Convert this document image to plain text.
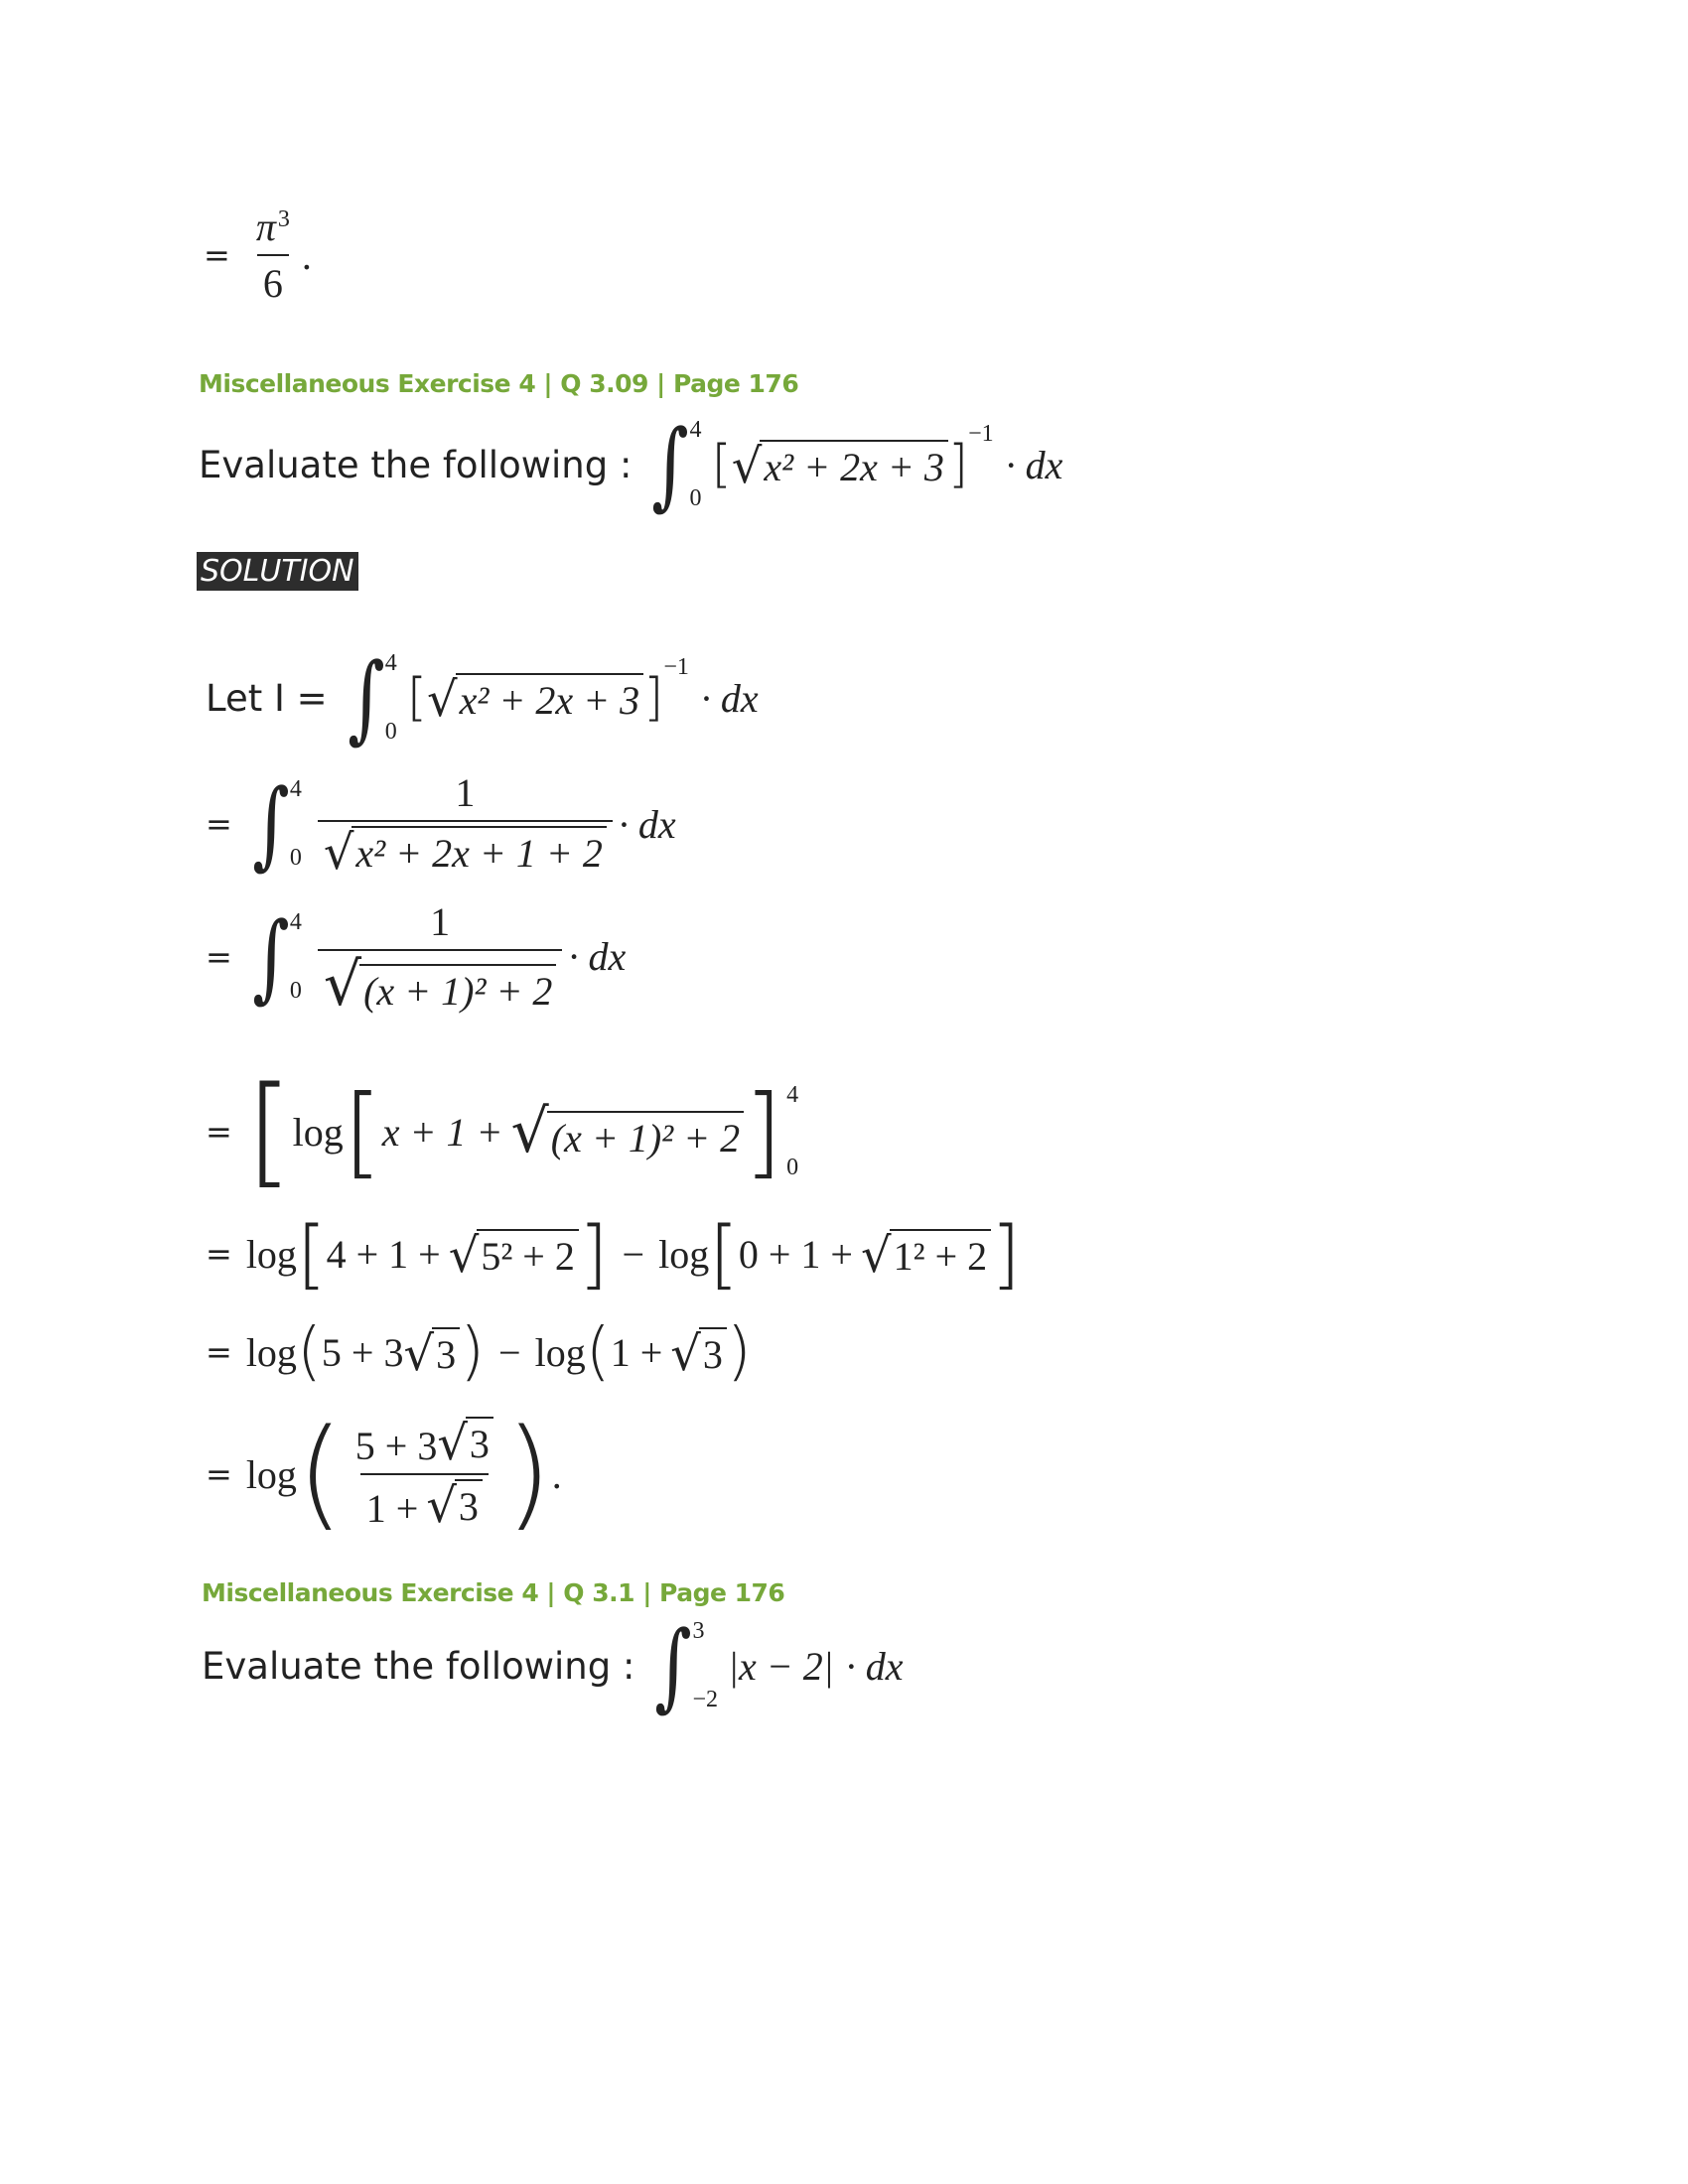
= $\frac{\pi^3}{6}$ .
Miscellaneous Exercise 4 | Q 3.09 | Page 176
Evaluate the following : ∫ 4
0
[ √ x² + 2x + 3 ]
−1
· dx
SOLUTION
Let I = ∫ 4
0
[ √ x² + 2x + 3 ]
−1
· dx
= ∫ 4
$0 \frac{1}{\text{√ x² + 2x + 1 + 2}}$ · dx
= ∫ 4
$0 \frac{1}{\text{√ (x + 1)² + 2}}$ · dx
= [ log [ x + 1 + √ (x + 1)² + 2 ] 4
0
= log [ 4 + 1 + √ 5² + 2 ] − log [ 0 + 1 + √ 1² + 2 ]
= log ( 5 + 3 √ 3 ) − log ( 1 + √ 3 )
= log ( $\frac{5 + 3 √ 3}{1 + √ 3}$ ) .
Miscellaneous Exercise 4 | Q 3.1 | Page 176
Evaluate the following : ∫ 3
−2
|x − 2| · dx
